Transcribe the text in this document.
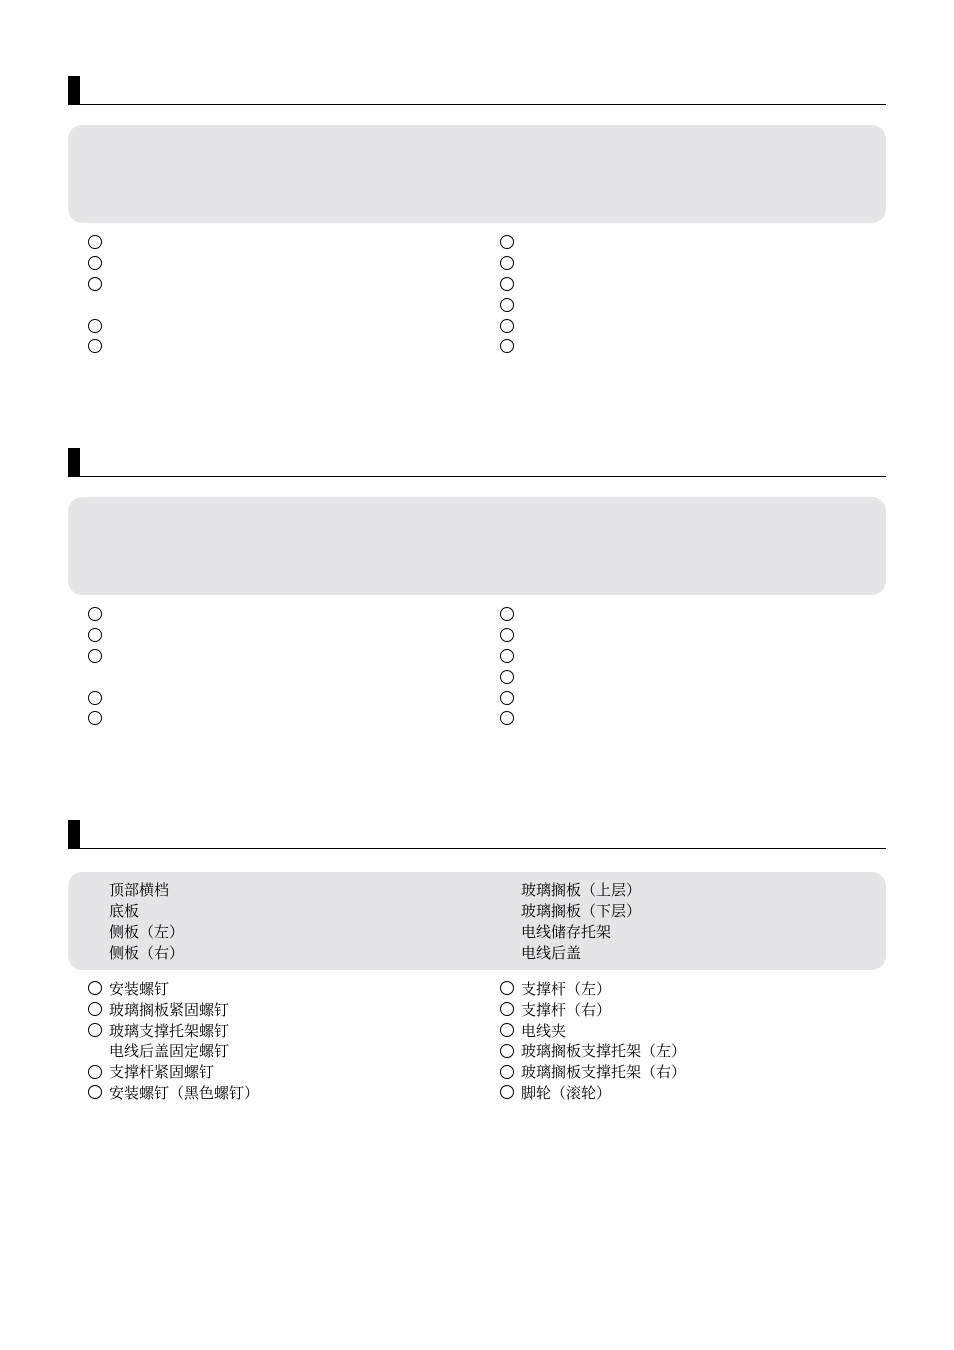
顶部横档
底板
侧板（左）
侧板（右）
玻璃搁板（上层）
玻璃搁板（下层）
电线储存托架
电线后盖
安装螺钉
玻璃搁板紧固螺钉
玻璃支撑托架螺钉
电线后盖固定螺钉
支撑杆紧固螺钉
安装螺钉（黑色螺钉）
支撑杆（左）
支撑杆（右）
电线夹
玻璃搁板支撑托架（左）
玻璃搁板支撑托架（右）
脚轮（滚轮）
